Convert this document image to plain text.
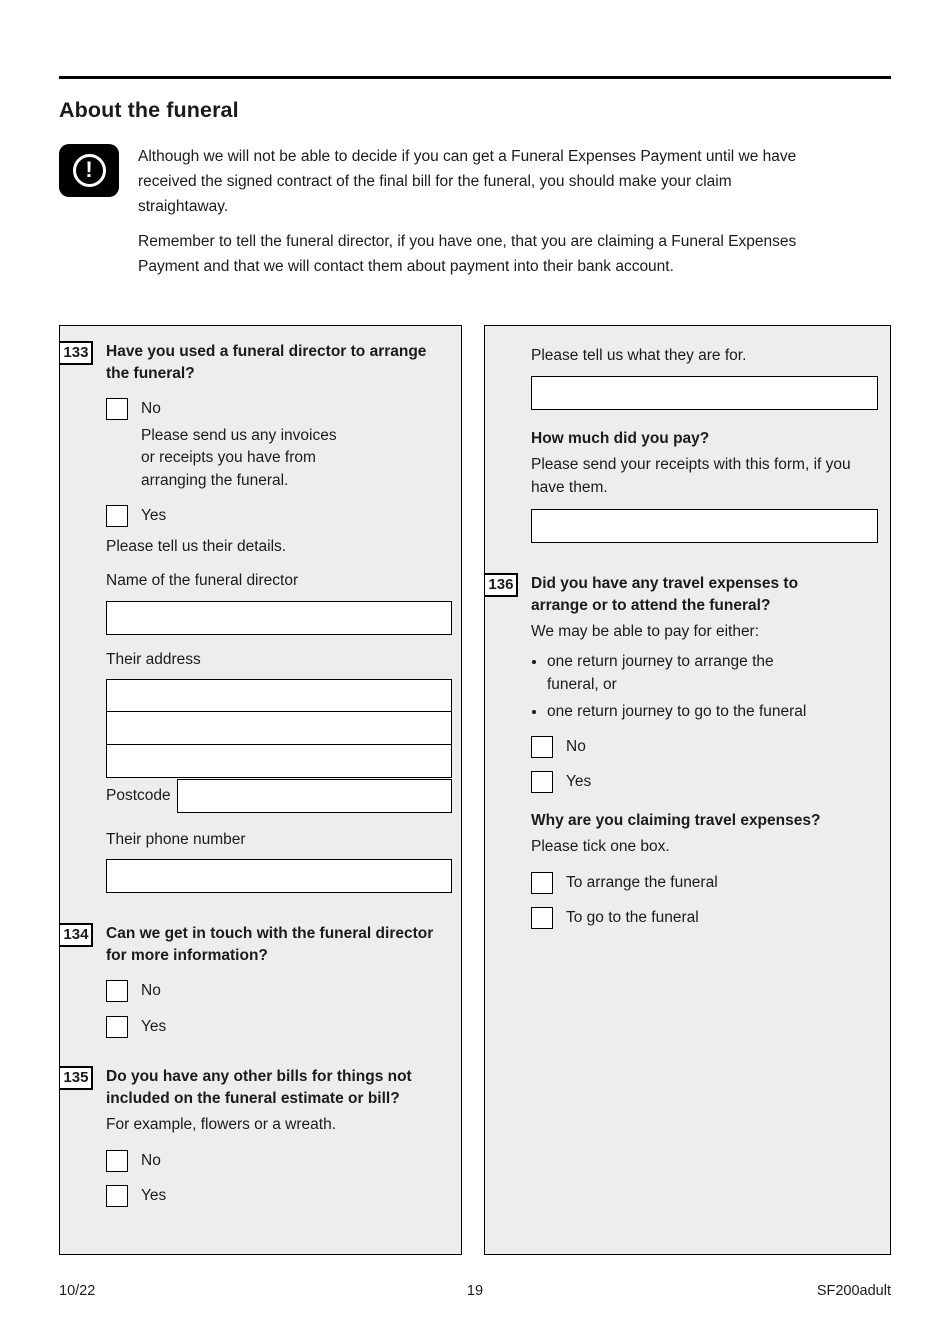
About the funeral
!	Although we will not be able to decide if you can get a Funeral Expenses Payment until we have received the signed contract of the final bill for the funeral, you should make your claim straightaway.

Remember to tell the funeral director, if you have one, that you are claiming a Funeral Expenses Payment and that we will contact them about payment into their bank account.

133	Have you used a funeral director to arrange the funeral?
No
Please send us any invoices or receipts you have from arranging the funeral.
Yes
Please tell us their details.
Name of the funeral director
Their address
Postcode
Their phone number
134	Can we get in touch with the funeral director for more information?
No
Yes
135	Do you have any other bills for things not included on the funeral estimate or bill?
For example, flowers or a wreath.
No
Yes
Please tell us what they are for.
How much did you pay?
Please send your receipts with this form, if you have them.
136	Did you have any travel expenses to arrange or to attend the funeral?
We may be able to pay for either:
• one return journey to arrange the funeral, or
• one return journey to go to the funeral
No
Yes
Why are you claiming travel expenses?
Please tick one box.
To arrange the funeral
To go to the funeral
10/22	19	SF200adult
